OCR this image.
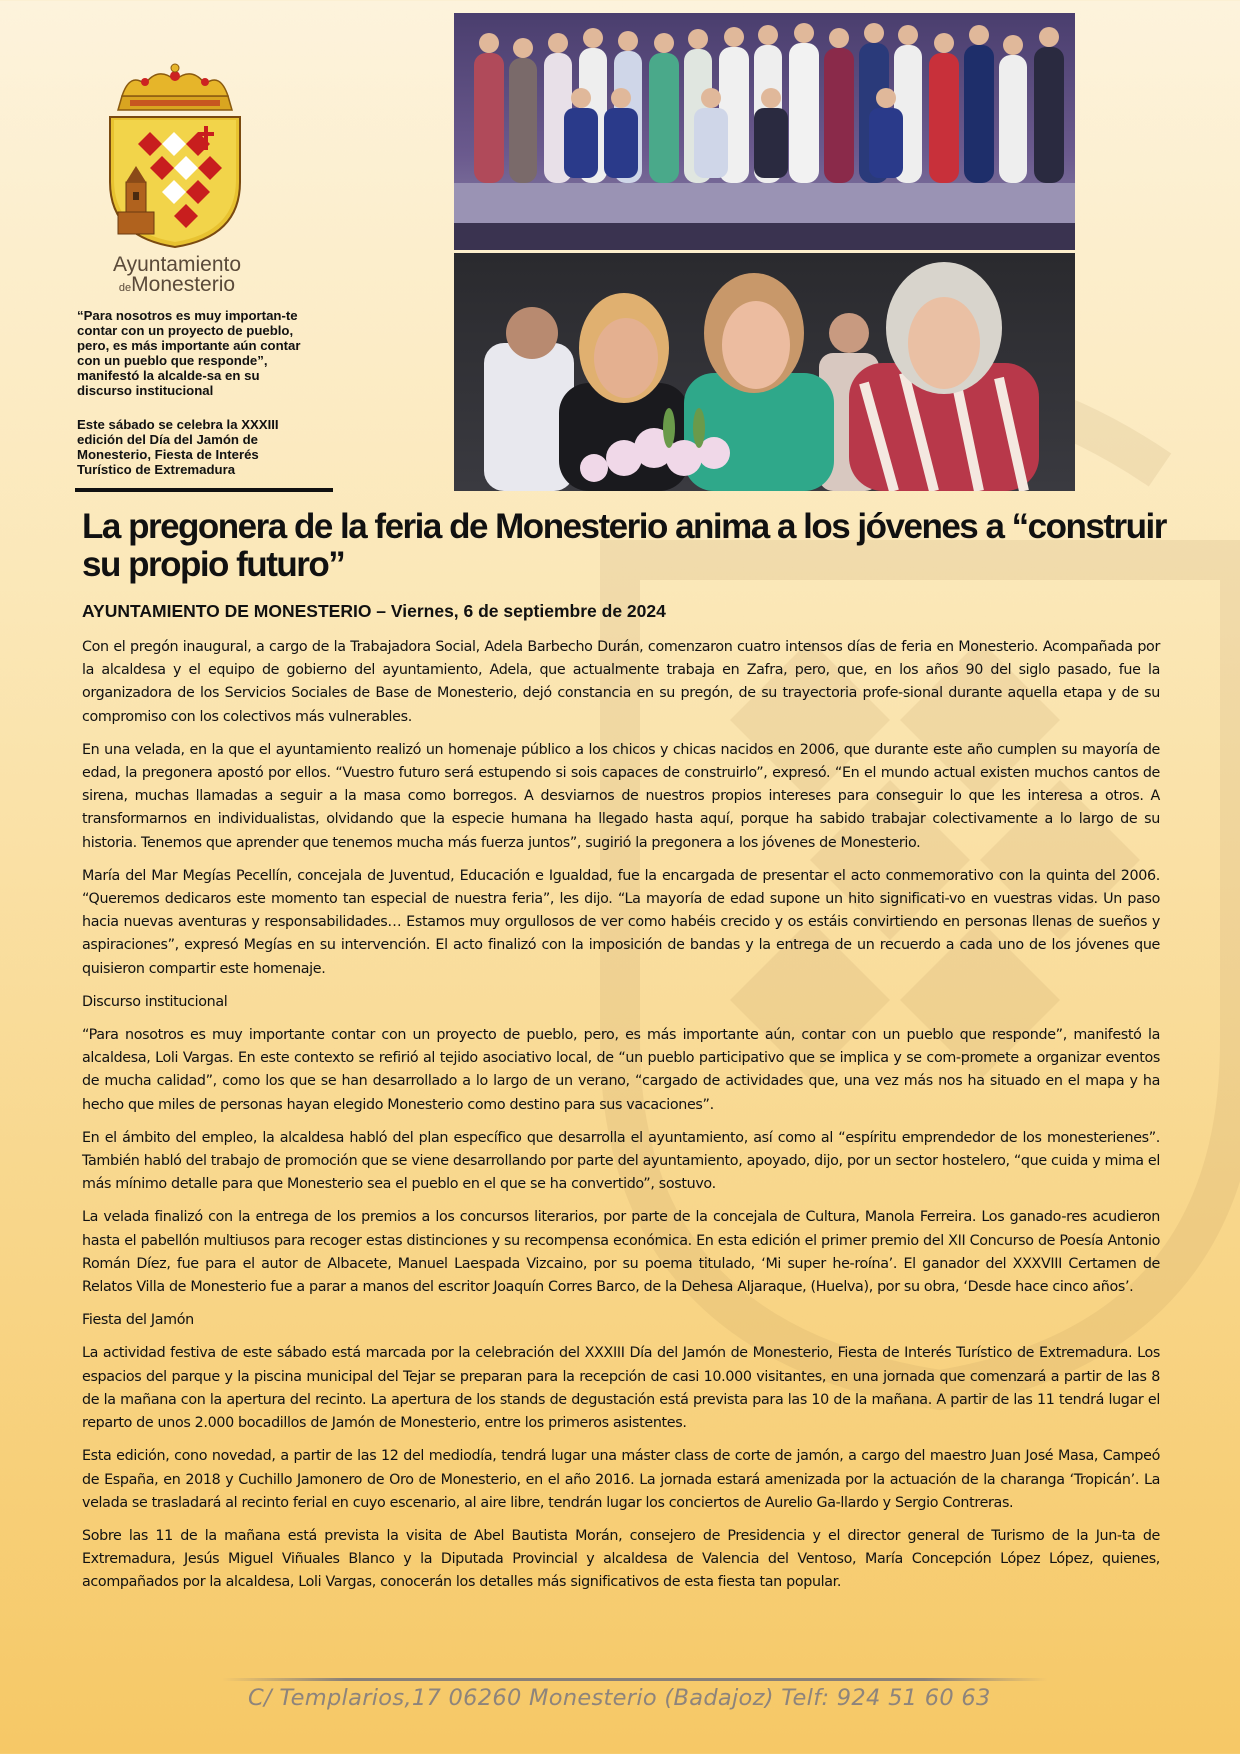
Ayuntamiento
deMonesterio
“Para nosotros es muy importan-te contar con un proyecto de pueblo, pero, es más importante aún contar con un pueblo que responde”, manifestó la alcalde-sa en su discurso institucional
Este sábado se celebra la XXXIII edición del Día del Jamón de Monesterio, Fiesta de Interés Turístico de Extremadura
La pregonera de la feria de Monesterio anima a los jóvenes a “construir su propio futuro”
AYUNTAMIENTO DE MONESTERIO – Viernes, 6 de septiembre de 2024

Con el pregón inaugural, a cargo de la Trabajadora Social, Adela Barbecho Durán, comenzaron cuatro intensos días de feria en Monesterio. Acompañada por la alcaldesa y el equipo de gobierno del ayuntamiento, Adela, que actualmente trabaja en Zafra, pero, que, en los años 90 del siglo pasado, fue la organizadora de los Servicios Sociales de Base de Monesterio, dejó constancia en su pregón, de su trayectoria profe-sional durante aquella etapa y de su compromiso con los colectivos más vulnerables.

En una velada, en la que el ayuntamiento realizó un homenaje público a los chicos y chicas nacidos en 2006, que durante este año cumplen su mayoría de edad, la pregonera apostó por ellos. “Vuestro futuro será estupendo si sois capaces de construirlo”, expresó. “En el mundo actual existen muchos cantos de sirena, muchas llamadas a seguir a la masa como borregos. A desviarnos de nuestros propios intereses para conseguir lo que les interesa a otros. A transformarnos en individualistas, olvidando que la especie humana ha llegado hasta aquí, porque ha sabido trabajar colectivamente a lo largo de su historia. Tenemos que aprender que tenemos mucha más fuerza juntos”, sugirió la pregonera a los jóvenes de Monesterio.

María del Mar Megías Pecellín, concejala de Juventud, Educación e Igualdad, fue la encargada de presentar el acto conmemorativo con la quinta del 2006. “Queremos dedicaros este momento tan especial de nuestra feria”, les dijo. “La mayoría de edad supone un hito significati-vo en vuestras vidas. Un paso hacia nuevas aventuras y responsabilidades… Estamos muy orgullosos de ver como habéis crecido y os estáis convirtiendo en personas llenas de sueños y aspiraciones”, expresó Megías en su intervención. El acto finalizó con la imposición de bandas y la entrega de un recuerdo a cada uno de los jóvenes que quisieron compartir este homenaje.

Discurso institucional

“Para nosotros es muy importante contar con un proyecto de pueblo, pero, es más importante aún, contar con un pueblo que responde”, manifestó la alcaldesa, Loli Vargas. En este contexto se refirió al tejido asociativo local, de “un pueblo participativo que se implica y se com-promete a organizar eventos de mucha calidad”, como los que se han desarrollado a lo largo de un verano, “cargado de actividades que, una vez más nos ha situado en el mapa y ha hecho que miles de personas hayan elegido Monesterio como destino para sus vacaciones”.

En el ámbito del empleo, la alcaldesa habló del plan específico que desarrolla el ayuntamiento, así como al “espíritu emprendedor de los monesterienes”. También habló del trabajo de promoción que se viene desarrollando por parte del ayuntamiento, apoyado, dijo, por un sector hostelero, “que cuida y mima el más mínimo detalle para que Monesterio sea el pueblo en el que se ha convertido”, sostuvo.

La velada finalizó con la entrega de los premios a los concursos literarios, por parte de la concejala de Cultura, Manola Ferreira. Los ganado-res acudieron hasta el pabellón multiusos para recoger estas distinciones y su recompensa económica. En esta edición el primer premio del XII Concurso de Poesía Antonio Román Díez, fue para el autor de Albacete, Manuel Laespada Vizcaino, por su poema titulado, ‘Mi super he-roína’. El ganador del XXXVIII Certamen de Relatos Villa de Monesterio fue a parar a manos del escritor Joaquín Corres Barco, de la Dehesa Aljaraque, (Huelva), por su obra, ‘Desde hace cinco años’.

Fiesta del Jamón

La actividad festiva de este sábado está marcada por la celebración del XXXIII Día del Jamón de Monesterio, Fiesta de Interés Turístico de Extremadura. Los espacios del parque y la piscina municipal del Tejar se preparan para la recepción de casi 10.000 visitantes, en una jornada que comenzará a partir de las 8 de la mañana con la apertura del recinto. La apertura de los stands de degustación está prevista para las 10 de la mañana. A partir de las 11 tendrá lugar el reparto de unos 2.000 bocadillos de Jamón de Monesterio, entre los primeros asistentes.

Esta edición, cono novedad, a partir de las 12 del mediodía, tendrá lugar una máster class de corte de jamón, a cargo del maestro Juan José Masa, Campeó de España, en 2018 y Cuchillo Jamonero de Oro de Monesterio, en el año 2016. La jornada estará amenizada por la actuación de la charanga ‘Tropicán’. La velada se trasladará al recinto ferial en cuyo escenario, al aire libre, tendrán lugar los conciertos de Aurelio Ga-llardo y Sergio Contreras.

Sobre las 11 de la mañana está prevista la visita de Abel Bautista Morán, consejero de Presidencia y el director general de Turismo de la Jun-ta de Extremadura, Jesús Miguel Viñuales Blanco y la Diputada Provincial y alcaldesa de Valencia del Ventoso, María Concepción López López, quienes, acompañados por la alcaldesa, Loli Vargas, conocerán los detalles más significativos de esta fiesta tan popular.

C/ Templarios,17 06260 Monesterio (Badajoz) Telf: 924 51 60 63
